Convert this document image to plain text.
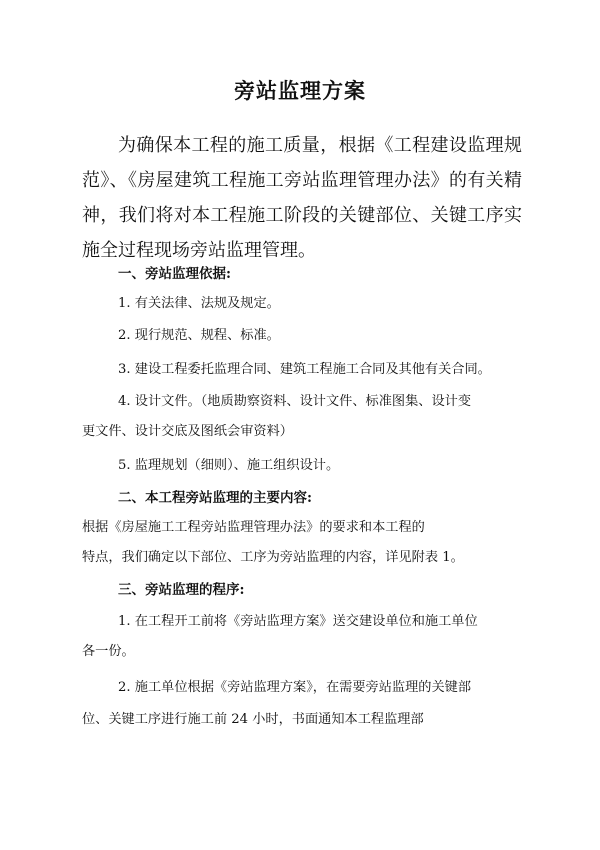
旁站监理方案
为确保本工程的施工质量，根据《工程建设监理规范》、《房屋建筑工程施工旁站监理管理办法》的有关精神，我们将对本工程施工阶段的关键部位、关键工序实施全过程现场旁站监理管理。
一、旁站监理依据:
1. 有关法律、法规及规定。
2. 现行规范、规程、标准。
3. 建设工程委托监理合同、建筑工程施工合同及其他有关合同。
4. 设计文件。（地质勘察资料、设计文件、标准图集、设计变
更文件、设计交底及图纸会审资料）
5. 监理规划（细则）、施工组织设计。
二、本工程旁站监理的主要内容:
根据《房屋施工工程旁站监理管理办法》的要求和本工程的
特点，我们确定以下部位、工序为旁站监理的内容，详见附表 1。
三、旁站监理的程序:
1. 在工程开工前将《旁站监理方案》送交建设单位和施工单位
各一份。
2. 施工单位根据《旁站监理方案》，在需要旁站监理的关键部
位、关键工序进行施工前 24 小时，书面通知本工程监理部
